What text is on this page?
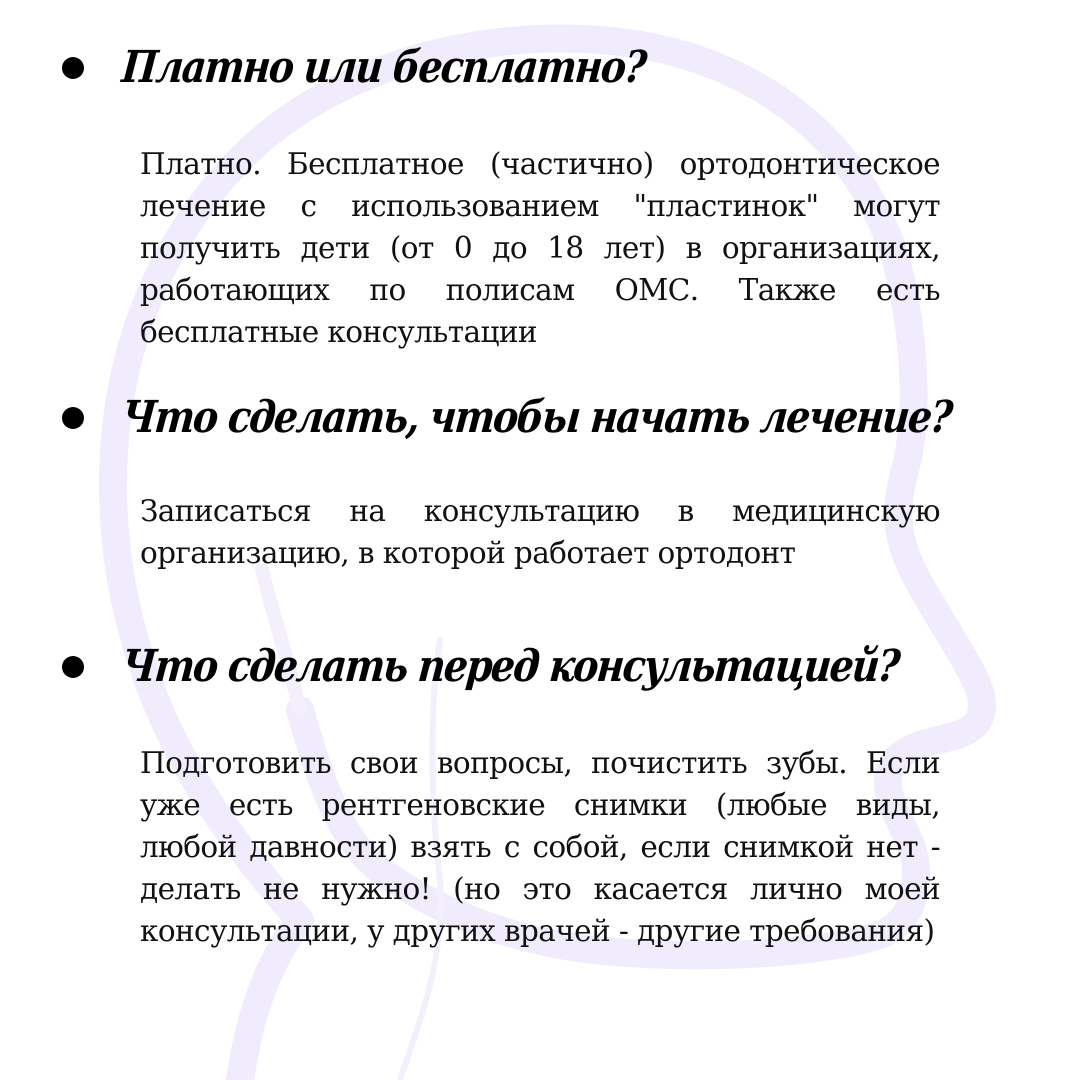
Платно или бесплатно?
Платно. Бесплатное (частично) ортодонтическое лечение с использованием "пластинок" могут получить дети (от 0 до 18 лет) в организациях, работающих по полисам ОМС. Также есть бесплатные консультации
Что сделать, чтобы начать лечение?
Записаться на консультацию в медицинскую организацию, в которой работает ортодонт
Что сделать перед консультацией?
Подготовить свои вопросы, почистить зубы. Если уже есть рентгеновские снимки (любые виды, любой давности) взять с собой, если снимкой нет - делать не нужно! (но это касается лично моей консультации, у других врачей - другие требования)
